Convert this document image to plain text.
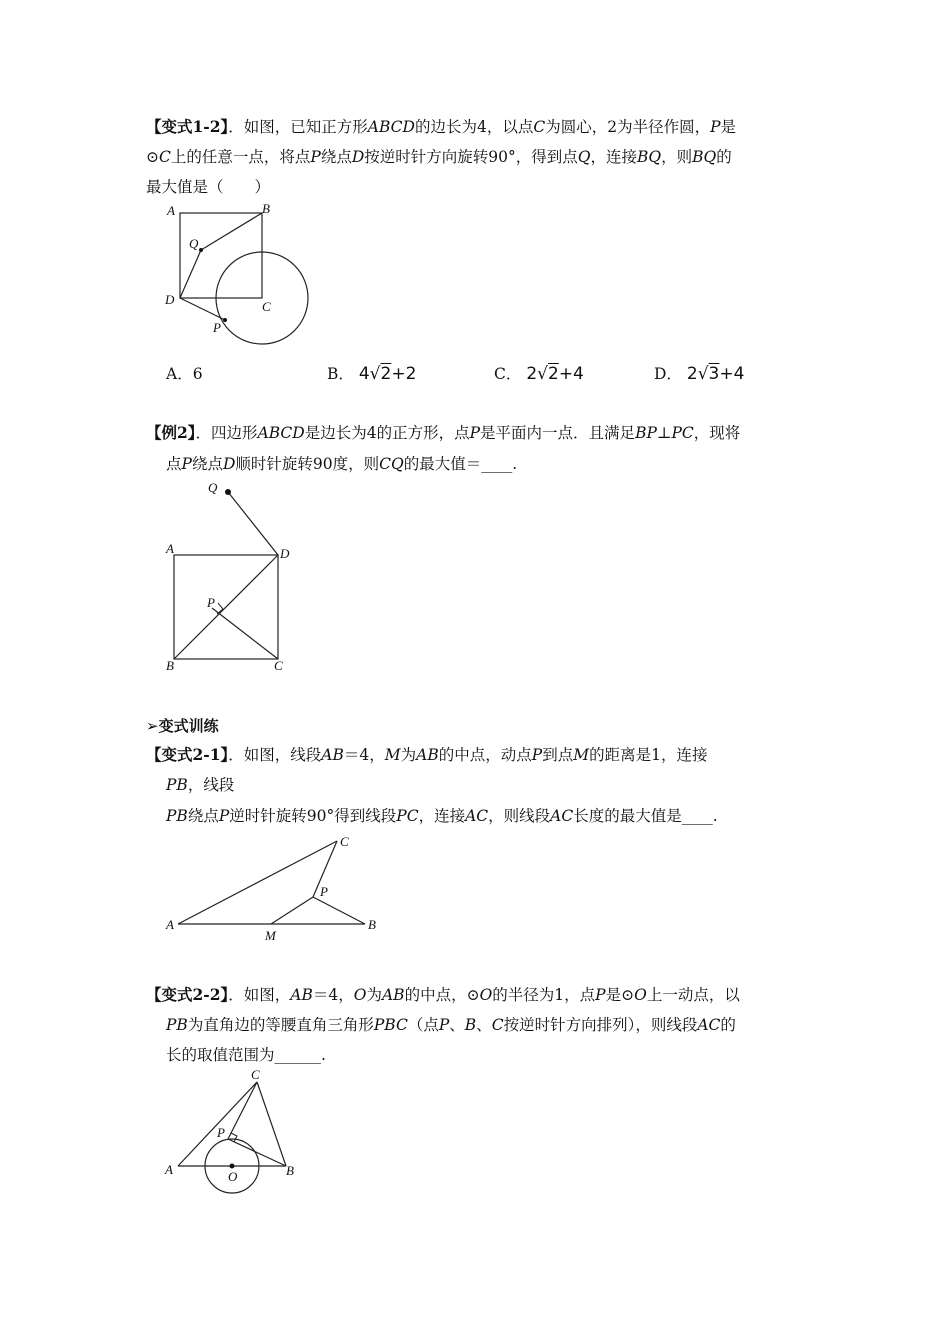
【变式1-2】．如图，已知正方形ABCD的边长为4，以点C为圆心，2为半径作圆，P是
⊙C上的任意一点，将点P绕点D按逆时针方向旋转90°，得到点Q，连接BQ，则BQ的
最大值是（　　）
A	B
Q
D	C
P
A．6	B． 4√2+2	C． 2√2+4	D． 2√3+4
【例2】．四边形ABCD是边长为4的正方形，点P是平面内一点．且满足BP⊥PC，现将
点P绕点D顺时针旋转90度，则CQ的最大值＝____.
Q
A	D
P
B	C
➢变式训练
【变式2-1】．如图，线段AB＝4，M为AB的中点，动点P到点M的距离是1，连接
PB，线段
PB绕点P逆时针旋转90°得到线段PC，连接AC，则线段AC长度的最大值是____.
C
P
A
M
B
【变式2-2】．如图，AB＝4，O为AB的中点，⊙O的半径为1，点P是⊙O上一动点，以
PB为直角边的等腰直角三角形PBC（点P、B、C按逆时针方向排列），则线段AC的
长的取值范围为______.
C
P
A	O	B
